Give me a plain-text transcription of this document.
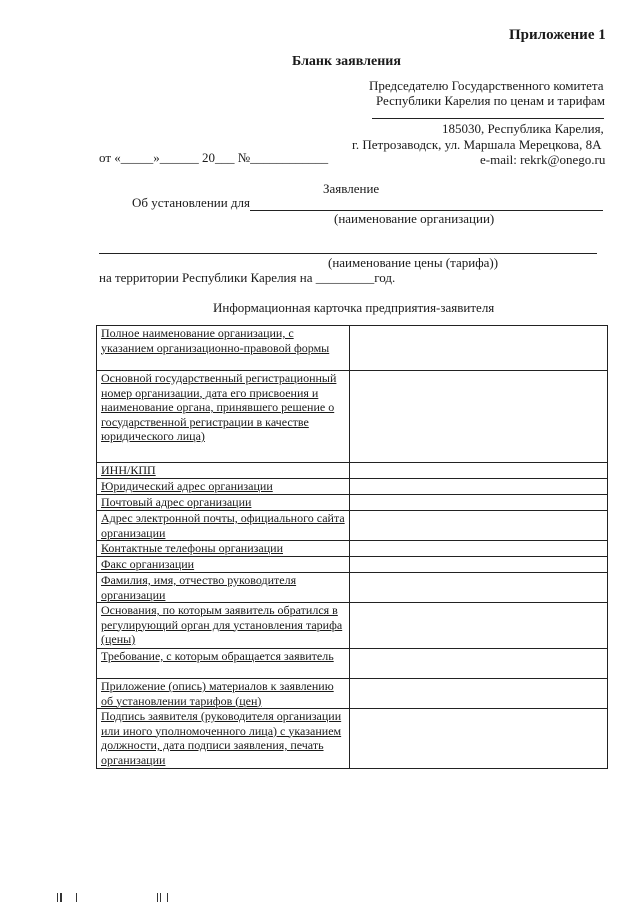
Приложение 1
Бланк заявления
Председателю Государственного комитета
Республики Карелия по ценам и тарифам
185030, Республика Карелия,
г. Петрозаводск, ул. Маршала Мерецкова, 8А
e-mail: rekrk@onego.ru
от «_____»______ 20___ №____________
Заявление
Об установлении для
(наименование организации)
(наименование цены (тарифа))
на территории Республики Карелия на _________год.
Информационная карточка предприятия-заявителя
Полное наименование организации, с указанием организационно-правовой формы	
Основной государственный регистрационный номер организации, дата его присвоения и наименование органа, принявшего решение о государственной регистрации в качестве юридического лица)	
ИНН/КПП	
Юридический адрес организации	
Почтовый адрес организации	
Адрес электронной почты, официального сайта организации	
Контактные телефоны организации	
Факс организации	
Фамилия, имя, отчество руководителя организации	
Основания, по которым заявитель обратился в регулирующий орган для установления тарифа (цены)	
Требование, с которым обращается заявитель	
Приложение (опись) материалов к заявлению об установлении тарифов (цен)	
Подпись заявителя (руководителя организации или иного уполномоченного лица) с указанием должности, дата подписи заявления, печать организации	
